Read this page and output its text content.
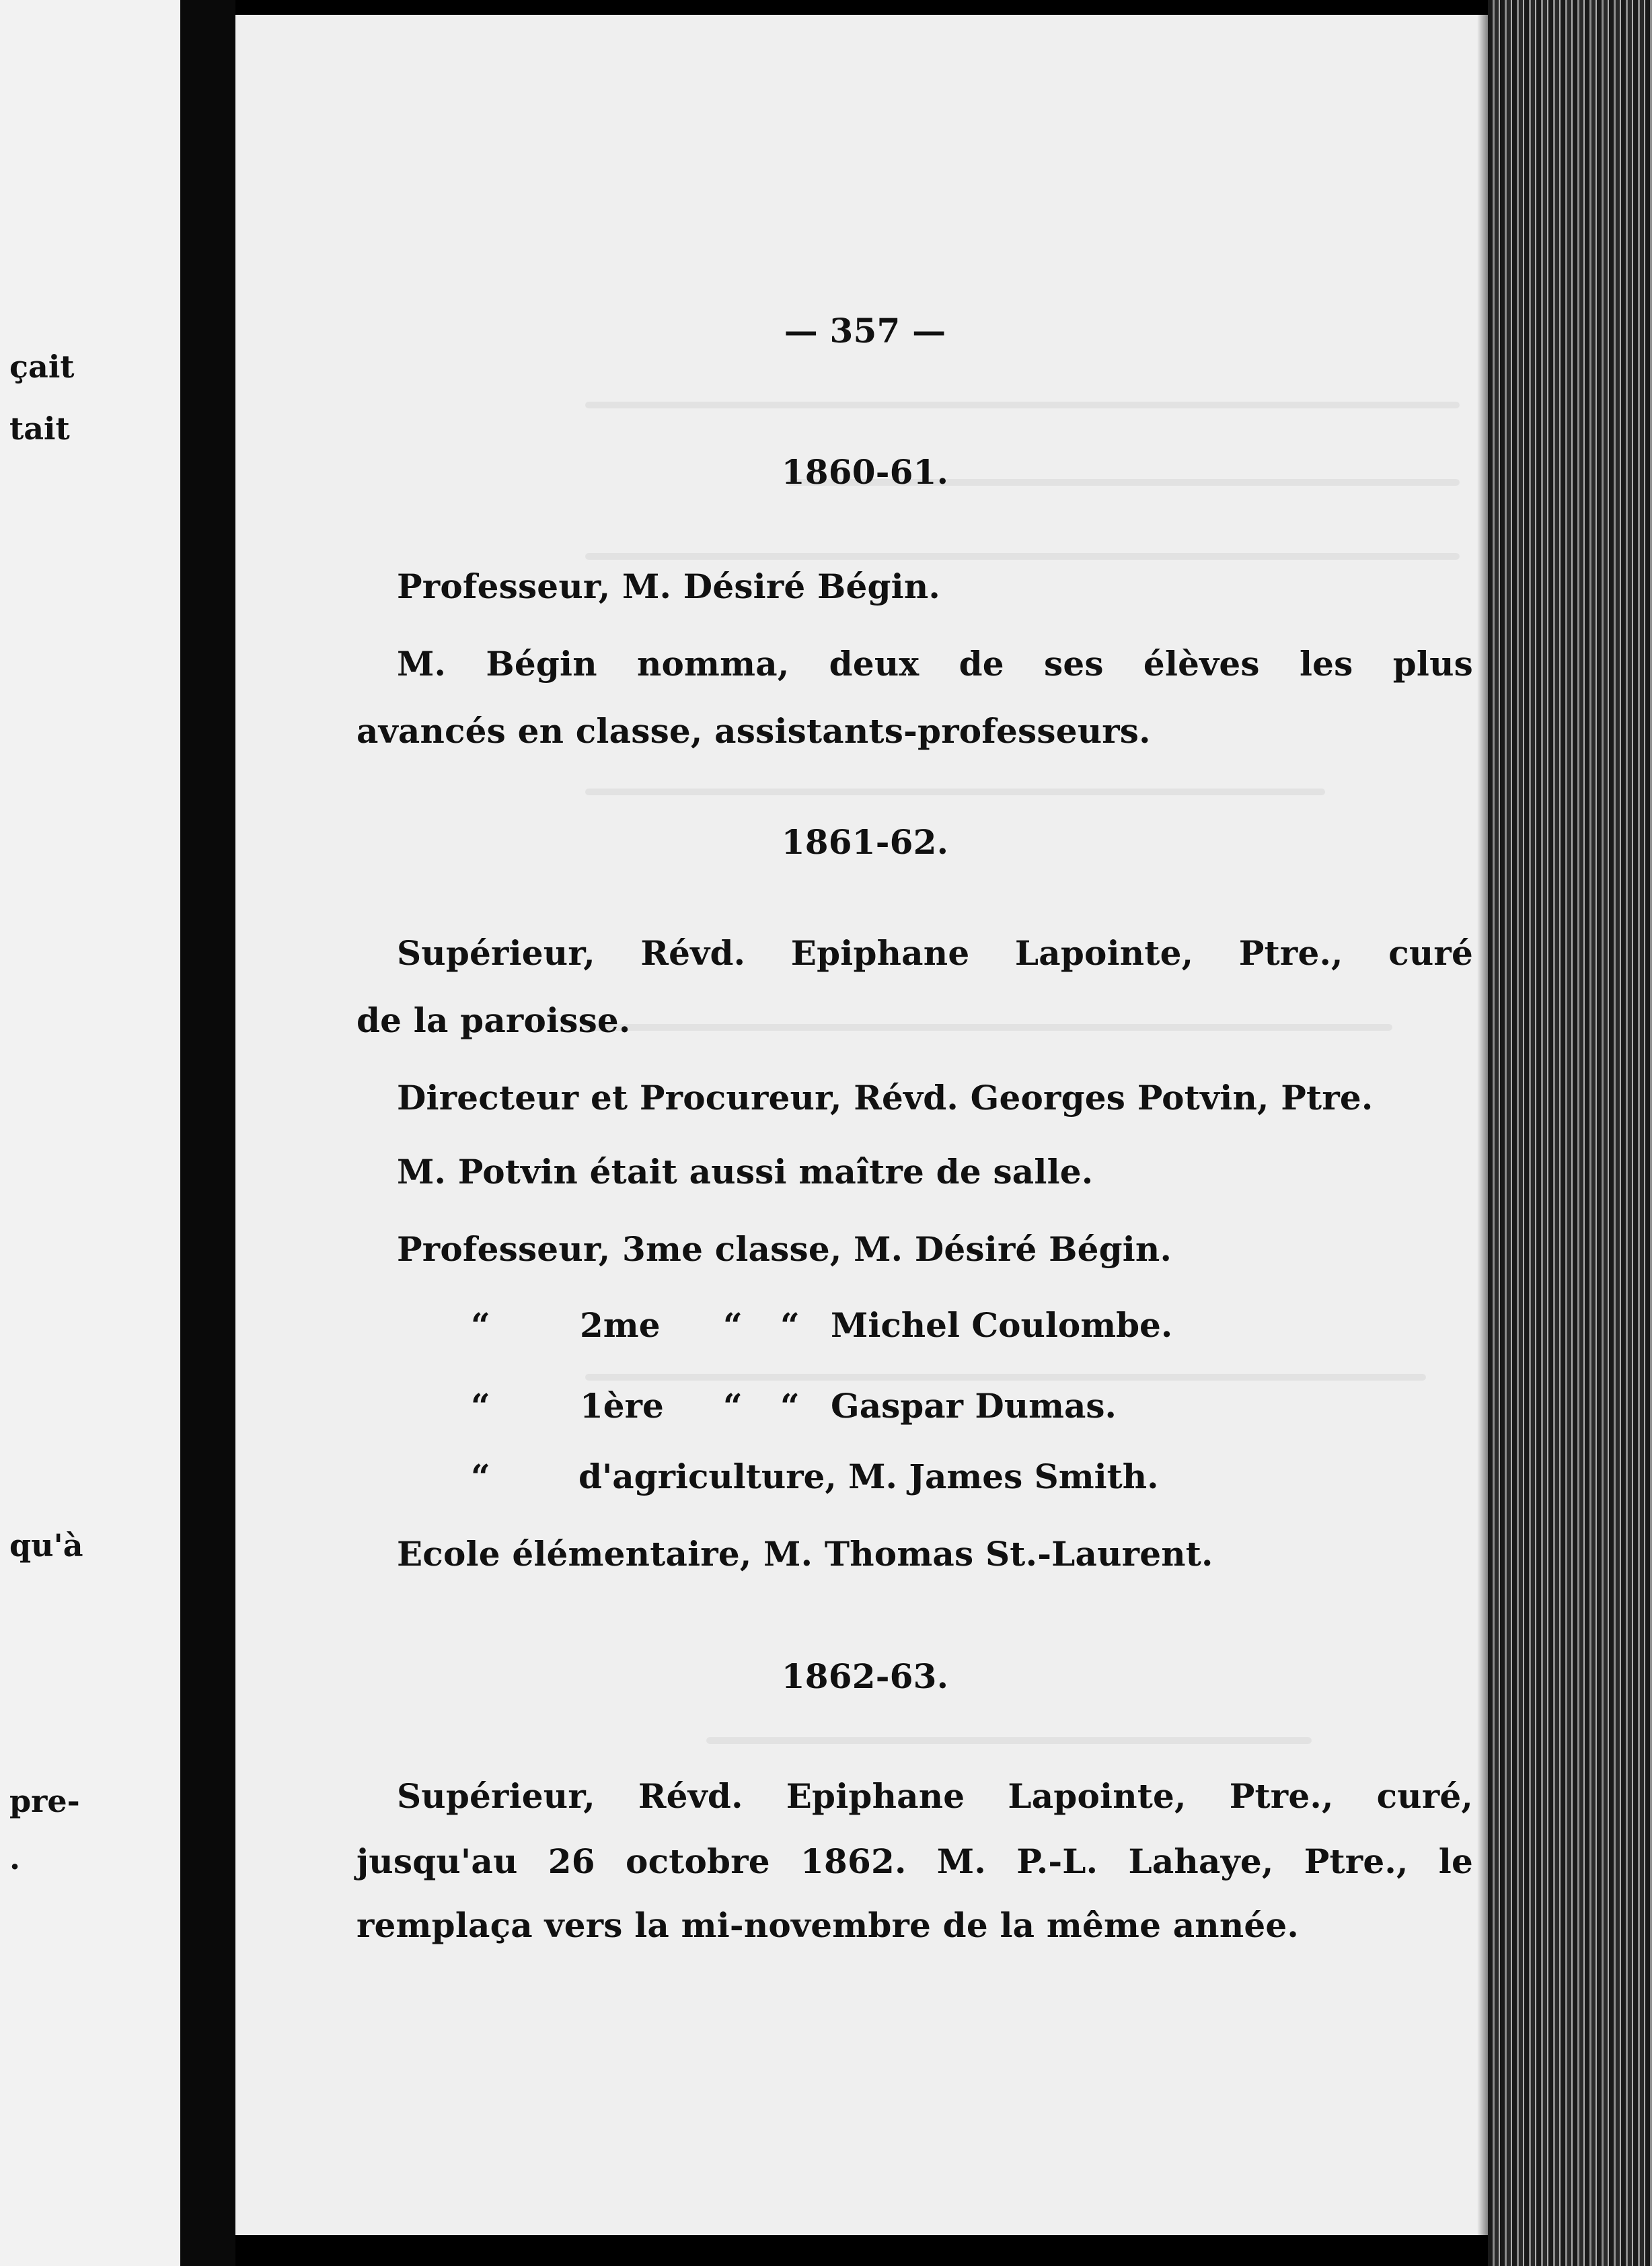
çait
tait
qu'à
pre-
.
— 357 —
1860-61.
Professeur, M. Désiré Bégin.
M. Bégin nomma, deux de ses élèves les plus
avancés en classe, assistants-professeurs.
1861-62.
Supérieur, Révd. Epiphane Lapointe, Ptre., curé
de la paroisse.
Directeur et Procureur, Révd. Georges Potvin, Ptre.
M. Potvin était aussi maître de salle.
Professeur, 3me classe, M. Désiré Bégin.
“	2me “ “ Michel Coulombe.
“	1ère “ “ Gaspar Dumas.
“	d'agriculture, M. James Smith.
Ecole élémentaire, M. Thomas St.-Laurent.
1862-63.
Supérieur, Révd. Epiphane Lapointe, Ptre., curé,
jusqu'au 26 octobre 1862. M. P.-L. Lahaye, Ptre., le
remplaça vers la mi-novembre de la même année.
